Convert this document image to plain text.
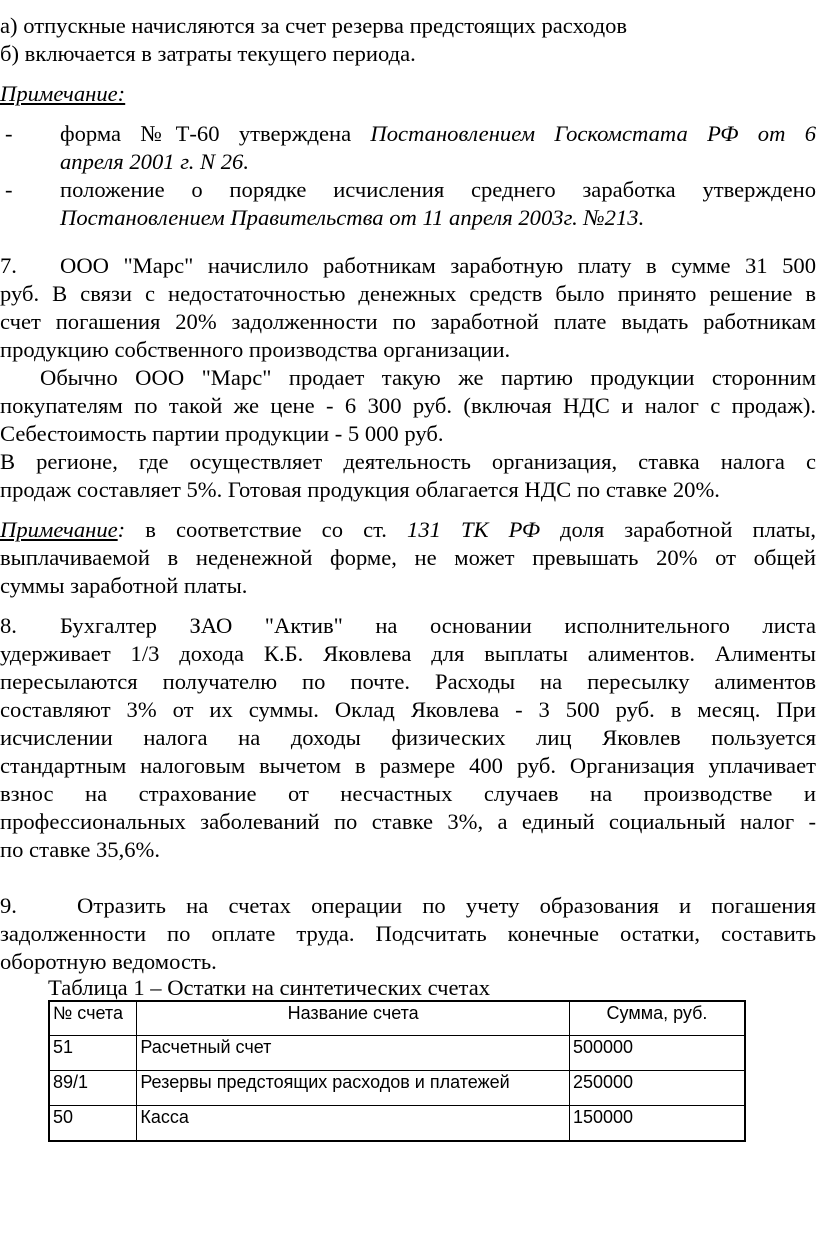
а) отпускные начисляются за счет резерва предстоящих расходов
б) включается в затраты текущего периода.
Примечание:
- форма №Т-60 утверждена Постановлением Госкомстата РФ от 6
апреля 2001 г. N 26.
- положение о порядке исчисления среднего заработка утверждено
Постановлением Правительства от 11 апреля 2003г. №213.
7. ООО "Марс" начислило работникам заработную плату в сумме 31 500
руб. В связи с недостаточностью денежных средств было принято решение в
счет погашения 20% задолженности по заработной плате выдать работникам
продукцию собственного производства организации.
Обычно ООО "Марс" продает такую же партию продукции сторонним
покупателям по такой же цене - 6 300 руб. (включая НДС и налог с продаж).
Себестоимость партии продукции - 5 000 руб.
В регионе, где осуществляет деятельность организация, ставка налога с
продаж составляет 5%. Готовая продукция облагается НДС по ставке 20%.
Примечание: в соответствие со ст. 131 ТК РФ доля заработной платы,
выплачиваемой в неденежной форме, не может превышать 20% от общей
суммы заработной платы.
8. Бухгалтер ЗАО "Актив" на основании исполнительного листа
удерживает 1/3 дохода К.Б. Яковлева для выплаты алиментов. Алименты
пересылаются получателю по почте. Расходы на пересылку алиментов
составляют 3% от их суммы. Оклад Яковлева - 3 500 руб. в месяц. При
исчислении налога на доходы физических лиц Яковлев пользуется
стандартным налоговым вычетом в размере 400 руб. Организация уплачивает
взнос на страхование от несчастных случаев на производстве и
профессиональных заболеваний по ставке 3%, а единый социальный налог -
по ставке 35,6%.
9.	Отразить на счетах операции по учету образования и погашения
задолженности по оплате труда. Подсчитать конечные остатки, составить
оборотную ведомость.
Таблица 1 – Остатки на синтетических счетах
№ счета	Название счета	Сумма, руб.
51	Расчетный счет	500000
89/1	Резервы предстоящих расходов и платежей	250000
50	Касса	150000
